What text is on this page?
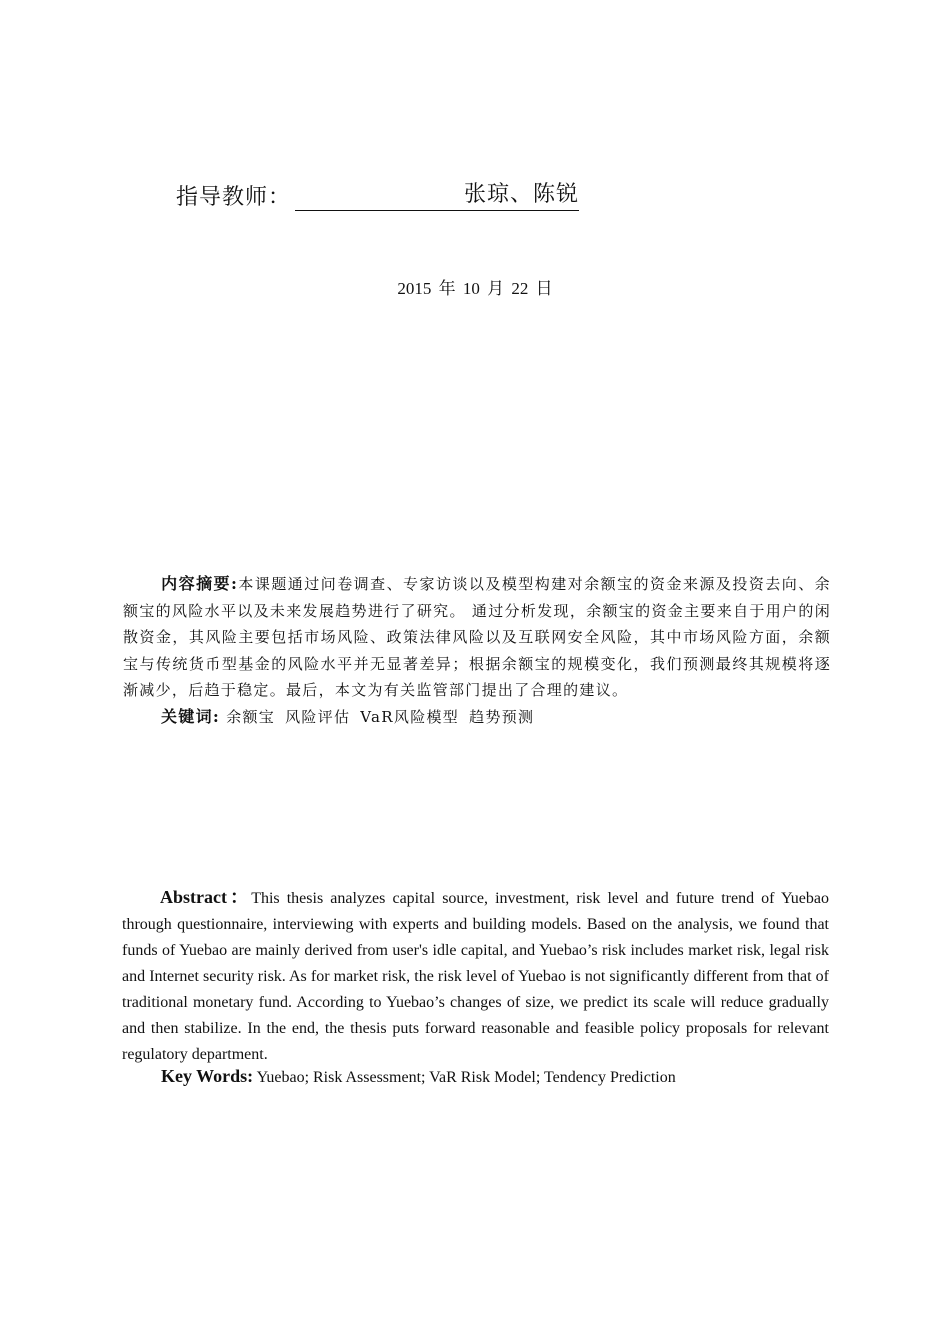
指导教师：	张琼、陈锐
2015 年 10 月 22 日
内容摘要:本课题通过问卷调查、专家访谈以及模型构建对余额宝的资金来源及投资去向、余额宝的风险水平以及未来发展趋势进行了研究。 通过分析发现，余额宝的资金主要来自于用户的闲散资金，其风险主要包括市场风险、政策法律风险以及互联网安全风险，其中市场风险方面，余额宝与传统货币型基金的风险水平并无显著差异；根据余额宝的规模变化，我们预测最终其规模将逐渐减少，后趋于稳定。最后，本文为有关监管部门提出了合理的建议。
关键词: 余额宝 风险评估 VaR风险模型 趋势预测
Abstract：This thesis analyzes capital source, investment, risk level and future trend of Yuebao through questionnaire, interviewing with experts and building models. Based on the analysis, we found that funds of Yuebao are mainly derived from user's idle capital, and Yuebao’s risk includes market risk, legal risk and Internet security risk. As for market risk, the risk level of Yuebao is not significantly different from that of traditional monetary fund. According to Yuebao’s changes of size, we predict its scale will reduce gradually and then stabilize. In the end, the thesis puts forward reasonable and feasible policy proposals for relevant regulatory department.
Key Words: Yuebao; Risk Assessment; VaR Risk Model; Tendency Prediction
